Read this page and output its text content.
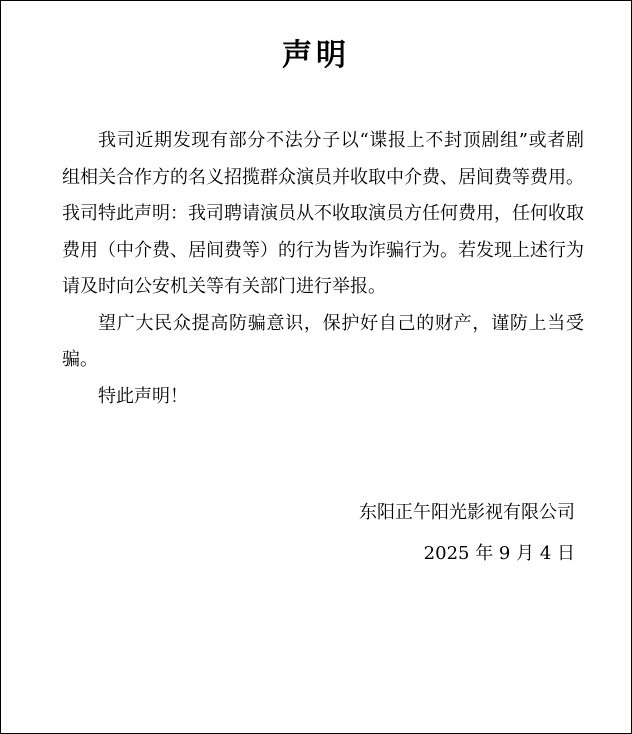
声明

我司近期发现有部分不法分子以“谍报上不封顶剧组”或者剧组相关合作方的名义招揽群众演员并收取中介费、居间费等费用。我司特此声明：我司聘请演员从不收取演员方任何费用，任何收取费用（中介费、居间费等）的行为皆为诈骗行为。若发现上述行为请及时向公安机关等有关部门进行举报。

望广大民众提高防骗意识，保护好自己的财产，谨防上当受骗。

特此声明！

东阳正午阳光影视有限公司
2025 年 9 月 4 日
